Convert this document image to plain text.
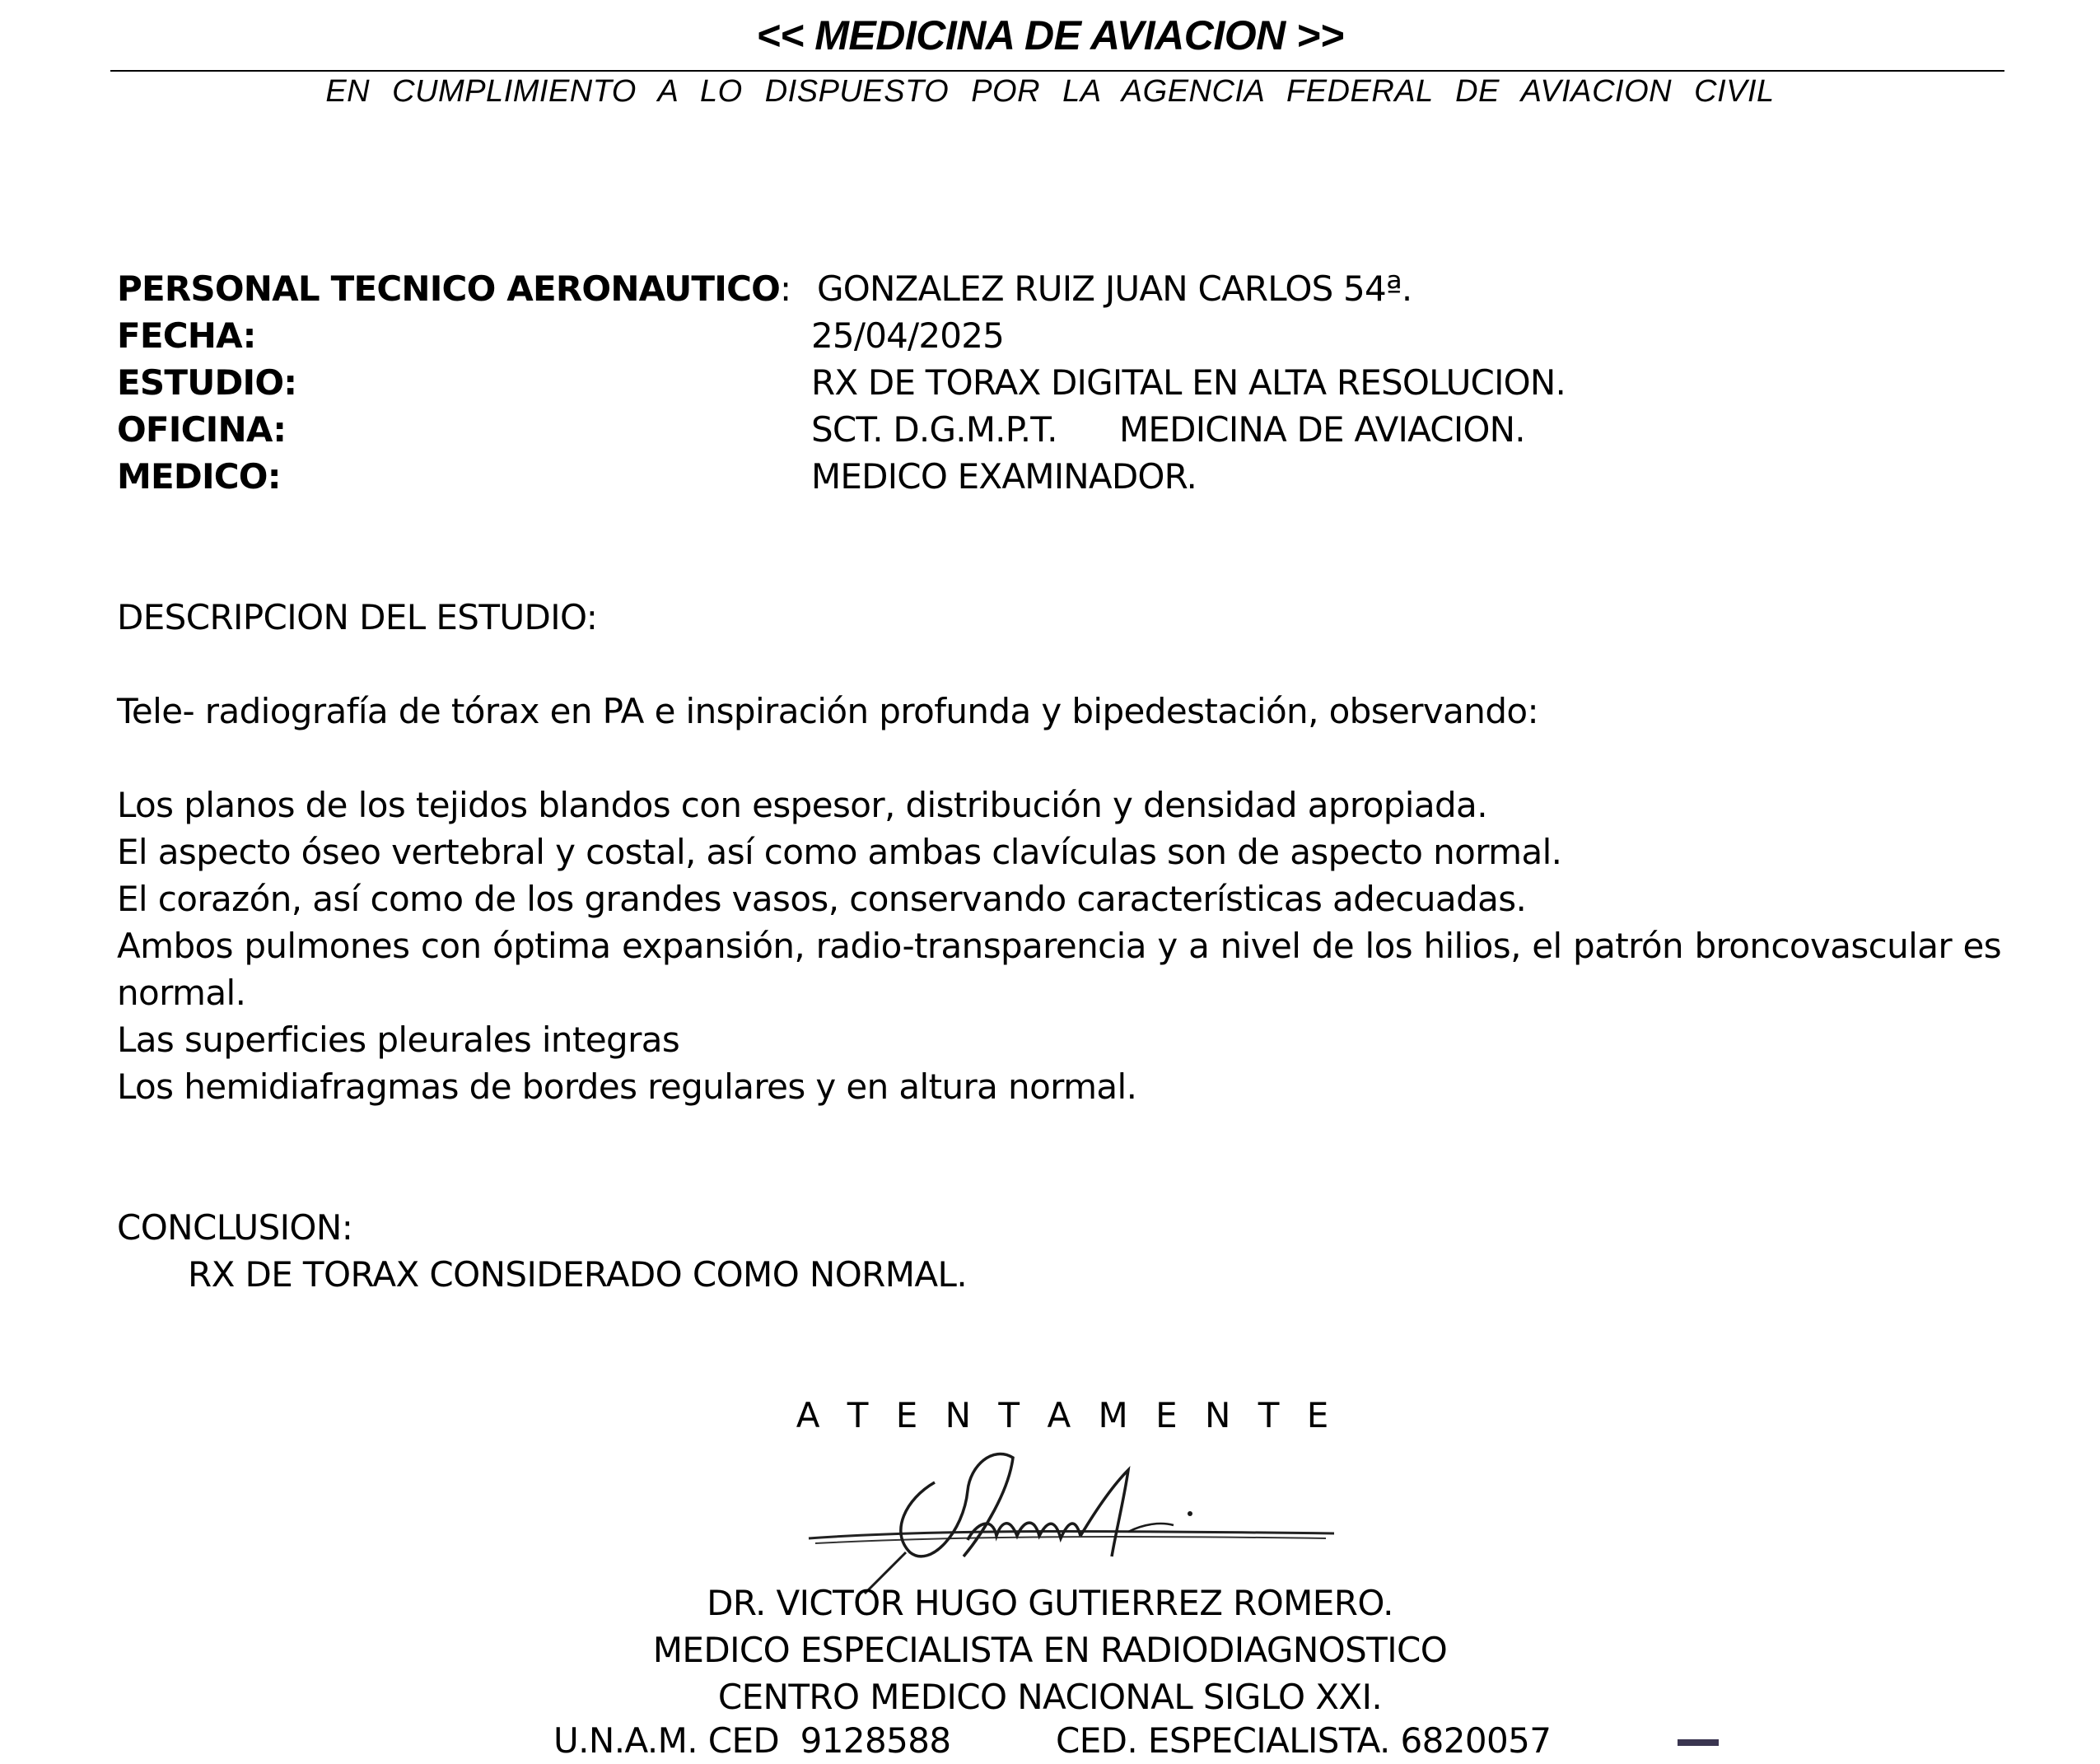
<< MEDICINA DE AVIACION >>
EN CUMPLIMIENTO A LO DISPUESTO POR LA AGENCIA FEDERAL DE AVIACION CIVIL
PERSONAL TECNICO AERONAUTICO: GONZALEZ RUIZ JUAN CARLOS 54ª.
FECHA:	25/04/2025
ESTUDIO:	RX DE TORAX DIGITAL EN ALTA RESOLUCION.
OFICINA:	SCT. D.G.M.P.T.      MEDICINA DE AVIACION.
MEDICO:	MEDICO EXAMINADOR.
DESCRIPCION DEL ESTUDIO:
Tele- radiografía de tórax en PA e inspiración profunda y bipedestación, observando:
Los planos de los tejidos blandos con espesor, distribución y densidad apropiada.
El aspecto óseo vertebral y costal, así como ambas clavículas son de aspecto normal.
El corazón, así como de los grandes vasos, conservando características adecuadas.
Ambos pulmones con óptima expansión, radio-transparencia y a nivel de los hilios, el patrón broncovascular es normal.
Las superficies pleurales integras
Los hemidiafragmas de bordes regulares y en altura normal.
CONCLUSION:
RX DE TORAX CONSIDERADO COMO NORMAL.
A T E N T A M E N T E
DR. VICTOR HUGO GUTIERREZ ROMERO.
MEDICO ESPECIALISTA EN RADIODIAGNOSTICO
CENTRO MEDICO NACIONAL SIGLO XXI.
U.N.A.M. CED  9128588	CED. ESPECIALISTA. 6820057
